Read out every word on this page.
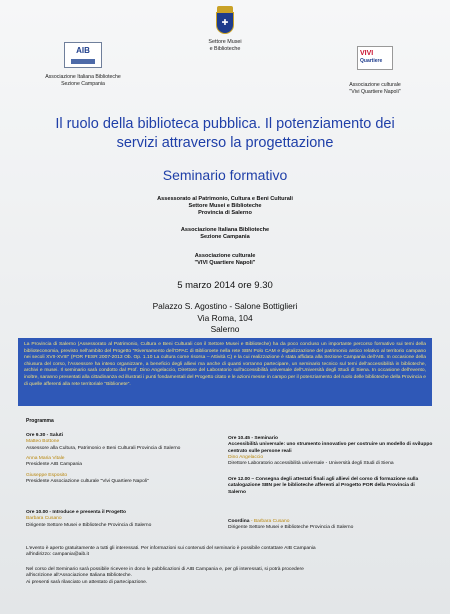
AIB
Associazione Italiana Biblioteche
Sezione Campania
✚
Settore Musei
e Biblioteche
VIVI
Quartiere
Associazione culturale
"Vivi Quartiere Napoli"
Il ruolo della biblioteca pubblica. Il potenziamento dei
servizi attraverso la progettazione
Seminario formativo
Assessorato al Patrimonio, Cultura e Beni Culturali
Settore Musei e Biblioteche
Provincia di Salerno
Associazione Italiana Biblioteche
Sezione Campania
Associazione culturale
"VIVI Quartiere Napoli"
5 marzo 2014 ore 9.30
Palazzo S. Agostino - Salone Bottiglieri
Via Roma, 104
Salerno
La Provincia di Salerno (Assessorato al Patrimonio, Cultura e Beni Culturali con il Settore Musei e Biblioteche) ha da poco concluso un importante percorso formativo sui temi della biblioteconomia, previsto nell'ambito del Progetto "Riversamento dell'OPAC di Biblioroete nella rete SBN Polo CAM e digitalizzazione del patrimonio antico relativo al territorio campano nei secoli XVII-XVIII" (POR FESR 2007-2013 Ob. Op. 1.10 La cultura come risorsa – Attività C) e la cui realizzazione è stata affidata alla Sezione Campania dell'AIB. In occasione della chiusura del corso, l'Assessore ha inteso organizzare, a beneficio degli allievi ma anche di quanti vorranno partecipare, un seminario tecnico sul temi dell'accessibilità in biblioteche, archivi e musei. Il seminario sarà condotto dal Prof. Dino Angelaccio, Direttore del Laboratorio sull'accessibilità universale dell'Università degli Studi di Siena. In occasione dell'evento, inoltre, saranno presentati alla cittadinanza ed illustrati i punti fondamentali del Progetto citato e le azioni messe in campo per il potenziamento del ruolo delle biblioteche della Provincia e di quelle afferenti alla rete territoriale "Biblionete".
Programma
Ore 9.30 - Saluti
Matteo Bottone
Assessore alla Cultura, Patrimonio e Beni Culturali Provincia di Salerno
Anna Maria Vitale
Presidente AIB Campania
Giuseppe Esposito
Presidente Associazione culturale "Vivi Quartiere Napoli"
Ore 10.00 - Introduce e presenta il Progetto
Barbara Cusano
Dirigente Settore Musei e Biblioteche Provincia di Salerno
Ore 10.45 - Seminario
Accessibilità universale: uno strumento innovativo per costruire un modello di sviluppo centrato sulle persone reali
Dino Angelaccio
Direttore Laboratorio accessibilità universale - Università degli Studi di Siena
Ore 12.00 – Consegna degli attestati finali agli allievi del corso di formazione sulla catalogazione SBN per le biblioteche afferenti al Progetto POR della Provincia di Salerno
Coordina - Barbara Cusano
Dirigente Settore Musei e Biblioteche Provincia di Salerno
L'evento è aperto gratuitamente a tutti gli interessati. Per informazioni sui contenuti del seminario è possibile contattare AIB Campania
all'indirizzo: campania@aib.it
Nel corso del Seminario sarà possibile ricevere in dono le pubblicazioni di AIB Campania e, per gli interessati, si potrà procedere
all'iscrizione all'Associazione Italiana Biblioteche.
Ai presenti sarà rilasciato un attestato di partecipazione.
